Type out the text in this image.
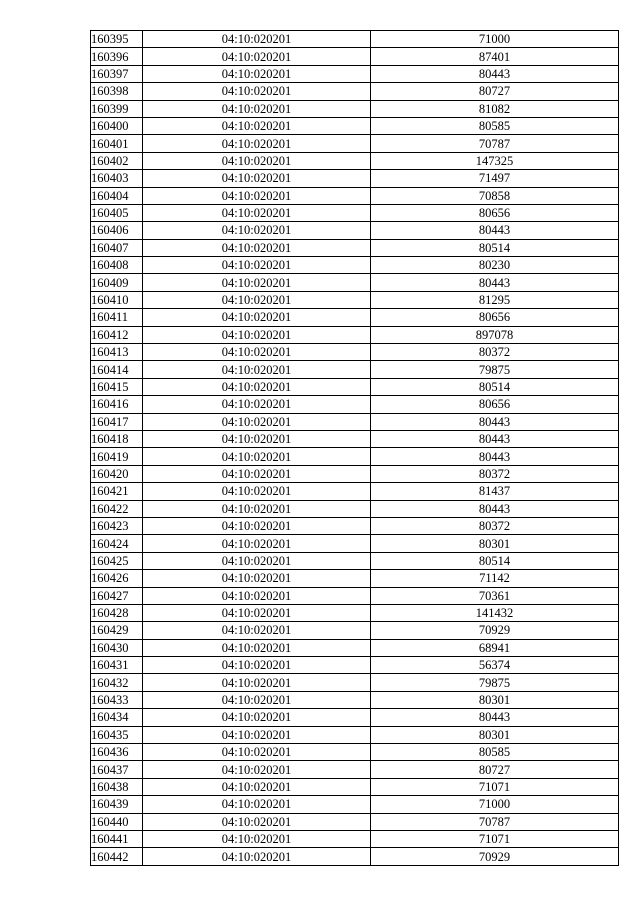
160395	04:10:020201	71000
160396	04:10:020201	87401
160397	04:10:020201	80443
160398	04:10:020201	80727
160399	04:10:020201	81082
160400	04:10:020201	80585
160401	04:10:020201	70787
160402	04:10:020201	147325
160403	04:10:020201	71497
160404	04:10:020201	70858
160405	04:10:020201	80656
160406	04:10:020201	80443
160407	04:10:020201	80514
160408	04:10:020201	80230
160409	04:10:020201	80443
160410	04:10:020201	81295
160411	04:10:020201	80656
160412	04:10:020201	897078
160413	04:10:020201	80372
160414	04:10:020201	79875
160415	04:10:020201	80514
160416	04:10:020201	80656
160417	04:10:020201	80443
160418	04:10:020201	80443
160419	04:10:020201	80443
160420	04:10:020201	80372
160421	04:10:020201	81437
160422	04:10:020201	80443
160423	04:10:020201	80372
160424	04:10:020201	80301
160425	04:10:020201	80514
160426	04:10:020201	71142
160427	04:10:020201	70361
160428	04:10:020201	141432
160429	04:10:020201	70929
160430	04:10:020201	68941
160431	04:10:020201	56374
160432	04:10:020201	79875
160433	04:10:020201	80301
160434	04:10:020201	80443
160435	04:10:020201	80301
160436	04:10:020201	80585
160437	04:10:020201	80727
160438	04:10:020201	71071
160439	04:10:020201	71000
160440	04:10:020201	70787
160441	04:10:020201	71071
160442	04:10:020201	70929
